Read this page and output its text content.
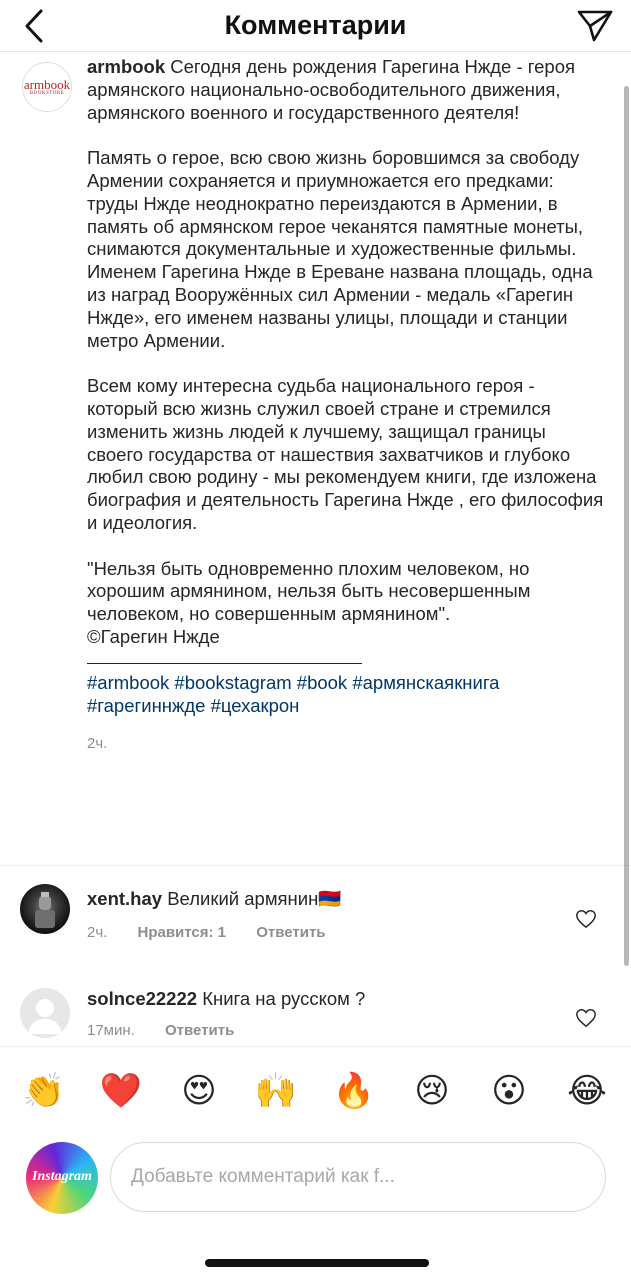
Комментарии
armbook
BOOKSTORE

armbook Сегодня день рождения Гарегина Нжде - героя армянского национально-освободительного движения, армянского военного и государственного деятеля!

Память о герое, всю свою жизнь боровшимся за свободу Армении сохраняется и приумножается его предками: труды Нжде неоднократно переиздаются в Армении, в память об армянском герое чеканятся памятные монеты, снимаются документальные и художественные фильмы. Именем Гарегина Нжде в Ереване названа площадь, одна из наград Вооружённых сил Армении - медаль «Гарегин Нжде», его именем названы улицы, площади и станции метро Армении.

Всем кому интересна судьба национального героя - который всю жизнь служил своей стране и стремился изменить жизнь людей к лучшему, защищал границы своего государства от нашествия захватчиков и глубоко любил свою родину - мы рекомендуем книги, где изложена биография и деятельность Гарегина Нжде , его философия и идеология.

"Нельзя быть одновременно плохим человеком, но хорошим армянином, нельзя быть несовершенным человеком, но совершенным армянином".
©Гарегин Нжде
#armbook #bookstagram #book #армянскаякнига #гарегиннжде #цехакрон
2ч.
xent.hay Великий армянин🇦🇲
2ч. Нравится: 1 Ответить
solnce22222 Книга на русском ?
17мин. Ответить
👏 ❤️ 😍 🙌 🔥 😢 😮 😂
Instagram
Добавьте комментарий как f...
